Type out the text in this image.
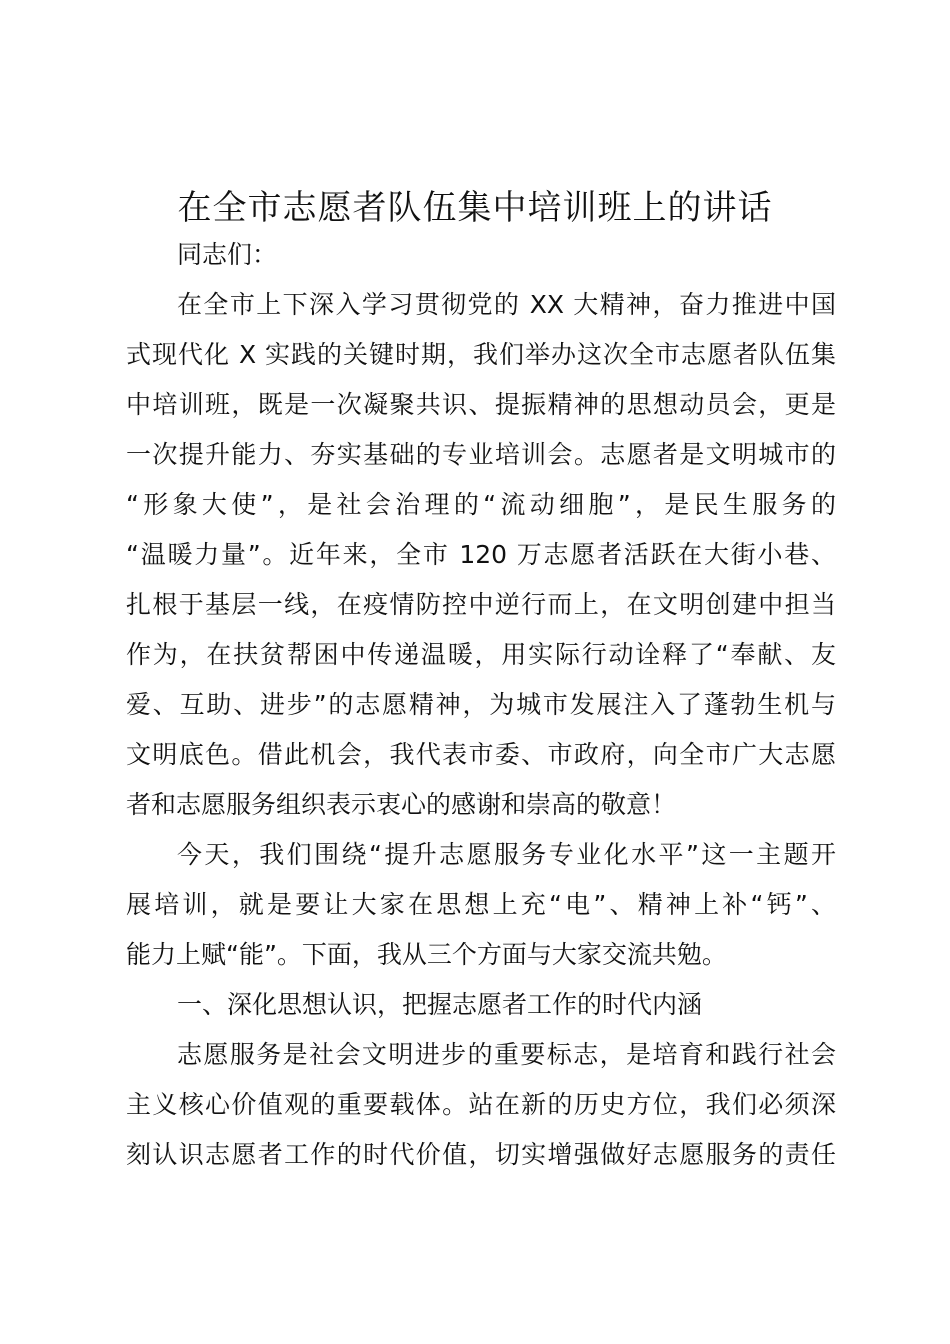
在全市志愿者队伍集中培训班上的讲话
同志们：
在全市上下深入学习贯彻党的 XX 大精神，奋力推进中国
式现代化 X 实践的关键时期，我们举办这次全市志愿者队伍集
中培训班，既是一次凝聚共识、提振精神的思想动员会，更是
一次提升能力、夯实基础的专业培训会。志愿者是文明城市的
“形象大使”，是社会治理的“流动细胞”，是民生服务的
“温暖力量”。近年来，全市 120 万志愿者活跃在大街小巷、
扎根于基层一线，在疫情防控中逆行而上，在文明创建中担当
作为，在扶贫帮困中传递温暖，用实际行动诠释了“奉献、友
爱、互助、进步”的志愿精神，为城市发展注入了蓬勃生机与
文明底色。借此机会，我代表市委、市政府，向全市广大志愿
者和志愿服务组织表示衷心的感谢和崇高的敬意！
今天，我们围绕“提升志愿服务专业化水平”这一主题开
展培训，就是要让大家在思想上充“电”、精神上补“钙”、
能力上赋“能”。下面，我从三个方面与大家交流共勉。
一、深化思想认识，把握志愿者工作的时代内涵
志愿服务是社会文明进步的重要标志，是培育和践行社会
主义核心价值观的重要载体。站在新的历史方位，我们必须深
刻认识志愿者工作的时代价值，切实增强做好志愿服务的责任
